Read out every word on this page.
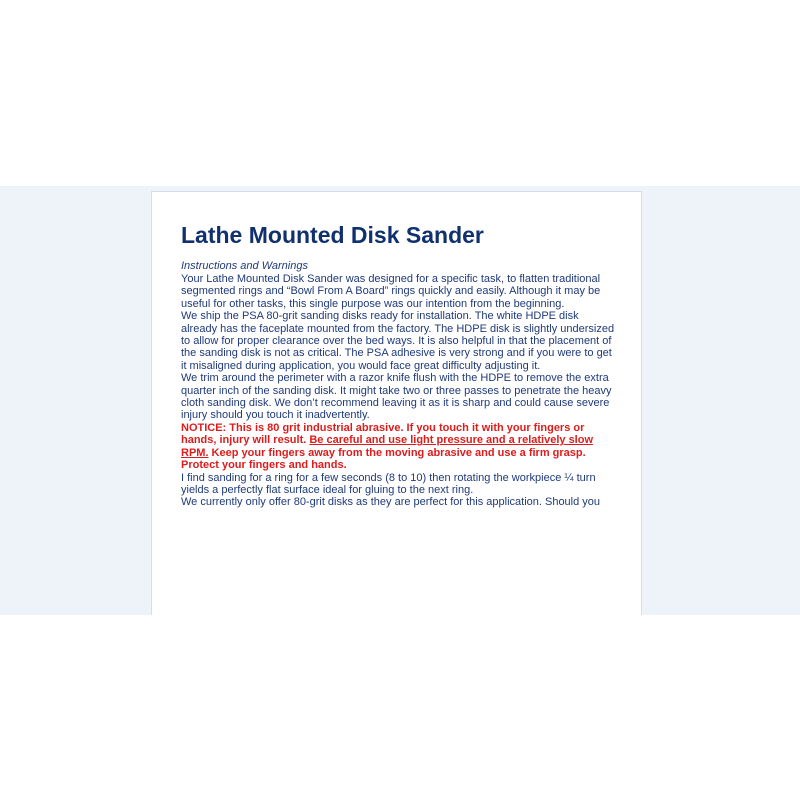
Lathe Mounted Disk Sander
Instructions and Warnings

Your Lathe Mounted Disk Sander was designed for a specific task, to flatten traditional segmented rings and “Bowl From A Board” rings quickly and easily. Although it may be useful for other tasks, this single purpose was our intention from the beginning.

We ship the PSA 80-grit sanding disks ready for installation. The white HDPE disk already has the faceplate mounted from the factory. The HDPE disk is slightly undersized to allow for proper clearance over the bed ways. It is also helpful in that the placement of the sanding disk is not as critical. The PSA adhesive is very strong and if you were to get it misaligned during application, you would face great difficulty adjusting it.

We trim around the perimeter with a razor knife flush with the HDPE to remove the extra quarter inch of the sanding disk. It might take two or three passes to penetrate the heavy cloth sanding disk. We don’t recommend leaving it as it is sharp and could cause severe injury should you touch it inadvertently.

NOTICE: This is 80 grit industrial abrasive. If you touch it with your fingers or hands, injury will result. Be careful and use light pressure and a relatively slow RPM. Keep your fingers away from the moving abrasive and use a firm grasp. Protect your fingers and hands.

I find sanding for a ring for a few seconds (8 to 10) then rotating the workpiece ¼ turn yields a perfectly flat surface ideal for gluing to the next ring.

We currently only offer 80-grit disks as they are perfect for this application. Should you
